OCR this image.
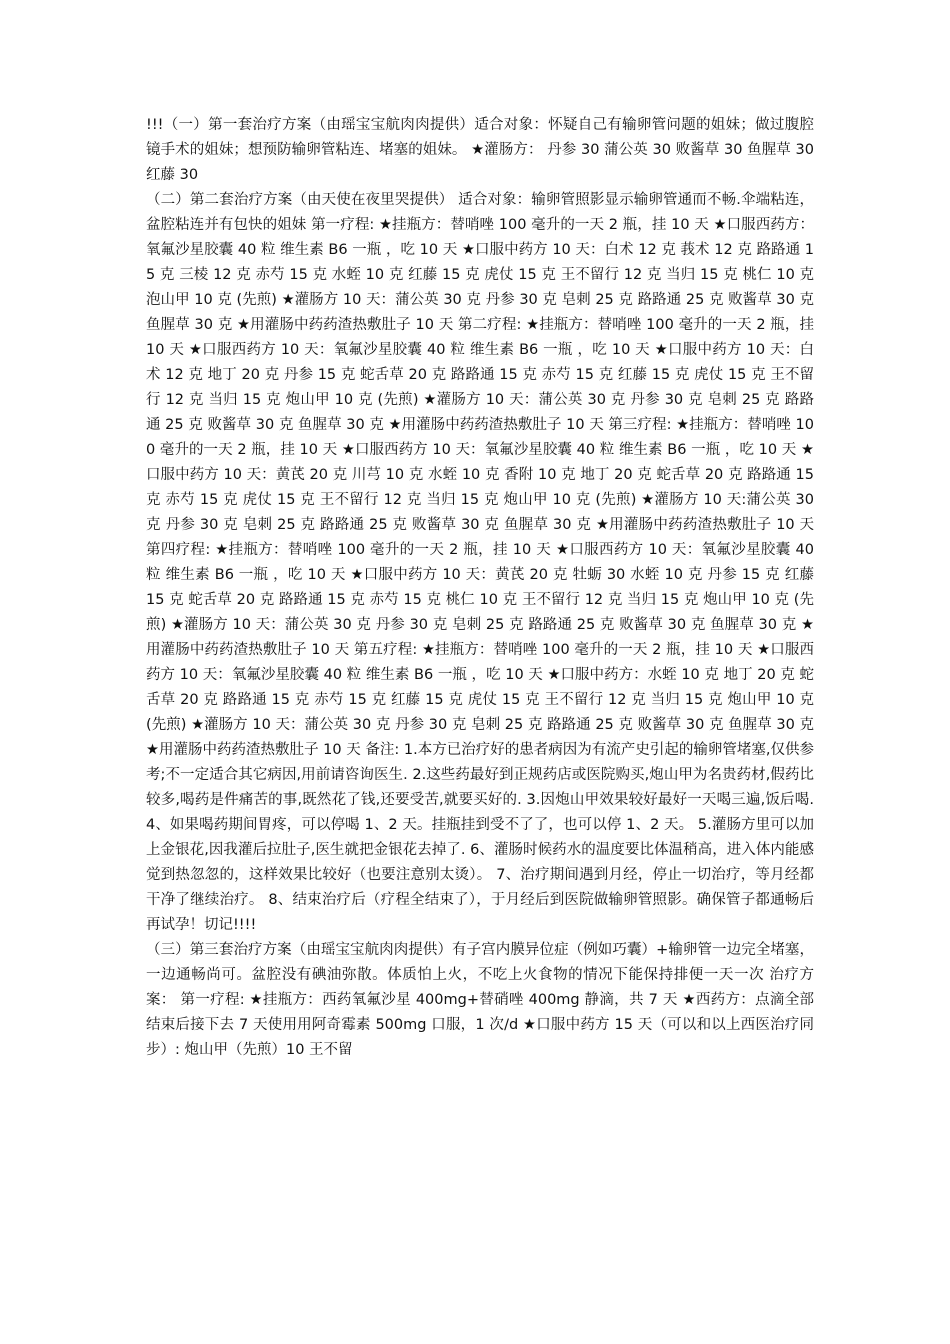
!!!（一）第一套治疗方案（由瑶宝宝航肉肉提供）适合对象：怀疑自己有输卵管问题的姐妹；做过腹腔镜手术的姐妹；想预防输卵管粘连、堵塞的姐妹。 ★灌肠方： 丹参 30 蒲公英 30 败酱草 30 鱼腥草 30 红藤 30

（二）第二套治疗方案（由天使在夜里哭提供） 适合对象：输卵管照影显示输卵管通而不畅.伞端粘连，盆腔粘连并有包快的姐妹 第一疗程: ★挂瓶方：替哨唑 100 毫升的一天 2 瓶，挂 10 天 ★口服西药方：氧氟沙星胶囊 40 粒 维生素 B6 一瓶 ，吃 10 天 ★口服中药方 10 天：白术 12 克 莪术 12 克 路路通 15 克 三棱 12 克 赤芍 15 克 水蛭 10 克 红藤 15 克 虎仗 15 克 王不留行 12 克 当归 15 克 桃仁 10 克 泡山甲 10 克 (先煎) ★灌肠方 10 天：蒲公英 30 克 丹参 30 克 皂刺 25 克 路路通 25 克 败酱草 30 克 鱼腥草 30 克 ★用灌肠中药药渣热敷肚子 10 天 第二疗程: ★挂瓶方：替哨唑 100 毫升的一天 2 瓶，挂 10 天 ★口服西药方 10 天：氧氟沙星胶囊 40 粒 维生素 B6 一瓶 ，吃 10 天 ★口服中药方 10 天：白术 12 克 地丁 20 克 丹参 15 克 蛇舌草 20 克 路路通 15 克 赤芍 15 克 红藤 15 克 虎仗 15 克 王不留行 12 克 当归 15 克 炮山甲 10 克 (先煎) ★灌肠方 10 天：蒲公英 30 克 丹参 30 克 皂刺 25 克 路路通 25 克 败酱草 30 克 鱼腥草 30 克 ★用灌肠中药药渣热敷肚子 10 天 第三疗程: ★挂瓶方：替哨唑 100 毫升的一天 2 瓶，挂 10 天 ★口服西药方 10 天：氧氟沙星胶囊 40 粒 维生素 B6 一瓶 ，吃 10 天 ★口服中药方 10 天：黄芪 20 克 川芎 10 克 水蛭 10 克 香附 10 克 地丁 20 克 蛇舌草 20 克 路路通 15 克 赤芍 15 克 虎仗 15 克 王不留行 12 克 当归 15 克 炮山甲 10 克 (先煎) ★灌肠方 10 天:蒲公英 30 克 丹参 30 克 皂刺 25 克 路路通 25 克 败酱草 30 克 鱼腥草 30 克 ★用灌肠中药药渣热敷肚子 10 天 第四疗程: ★挂瓶方：替哨唑 100 毫升的一天 2 瓶，挂 10 天 ★口服西药方 10 天：氧氟沙星胶囊 40 粒 维生素 B6 一瓶 ，吃 10 天 ★口服中药方 10 天：黄芪 20 克 牡蛎 30 水蛭 10 克 丹参 15 克 红藤 15 克 蛇舌草 20 克 路路通 15 克 赤芍 15 克 桃仁 10 克 王不留行 12 克 当归 15 克 炮山甲 10 克 (先煎) ★灌肠方 10 天：蒲公英 30 克 丹参 30 克 皂刺 25 克 路路通 25 克 败酱草 30 克 鱼腥草 30 克 ★用灌肠中药药渣热敷肚子 10 天 第五疗程: ★挂瓶方：替哨唑 100 毫升的一天 2 瓶，挂 10 天 ★口服西药方 10 天：氧氟沙星胶囊 40 粒 维生素 B6 一瓶 ，吃 10 天 ★口服中药方：水蛭 10 克 地丁 20 克 蛇舌草 20 克 路路通 15 克 赤芍 15 克 红藤 15 克 虎仗 15 克 王不留行 12 克 当归 15 克 炮山甲 10 克 (先煎) ★灌肠方 10 天：蒲公英 30 克 丹参 30 克 皂刺 25 克 路路通 25 克 败酱草 30 克 鱼腥草 30 克 ★用灌肠中药药渣热敷肚子 10 天 备注: 1.本方已治疗好的患者病因为有流产史引起的输卵管堵塞,仅供参考;不一定适合其它病因,用前请咨询医生. 2.这些药最好到正规药店或医院购买,炮山甲为名贵药材,假药比较多,喝药是件痛苦的事,既然花了钱,还要受苦,就要买好的. 3.因炮山甲效果较好最好一天喝三遍,饭后喝. 4、如果喝药期间胃疼，可以停喝 1、2 天。挂瓶挂到受不了了，也可以停 1、2 天。 5.灌肠方里可以加上金银花,因我灌后拉肚子,医生就把金银花去掉了. 6、灌肠时候药水的温度要比体温稍高，进入体内能感觉到热忽忽的，这样效果比较好（也要注意别太烫）。 7、治疗期间遇到月经，停止一切治疗，等月经都干净了继续治疗。 8、结束治疗后（疗程全结束了），于月经后到医院做输卵管照影。确保管子都通畅后再试孕！切记!!!!

（三）第三套治疗方案（由瑶宝宝航肉肉提供）有子宫内膜异位症（例如巧囊）+输卵管一边完全堵塞，一边通畅尚可。盆腔没有碘油弥散。体质怕上火，不吃上火食物的情况下能保持排便一天一次 治疗方案： 第一疗程: ★挂瓶方：西药氧氟沙星 400mg+替硝唑 400mg 静滴，共 7 天 ★西药方：点滴全部结束后接下去 7 天使用用阿奇霉素 500mg 口服，1 次/d ★口服中药方 15 天（可以和以上西医治疗同步）: 炮山甲（先煎）10 王不留
